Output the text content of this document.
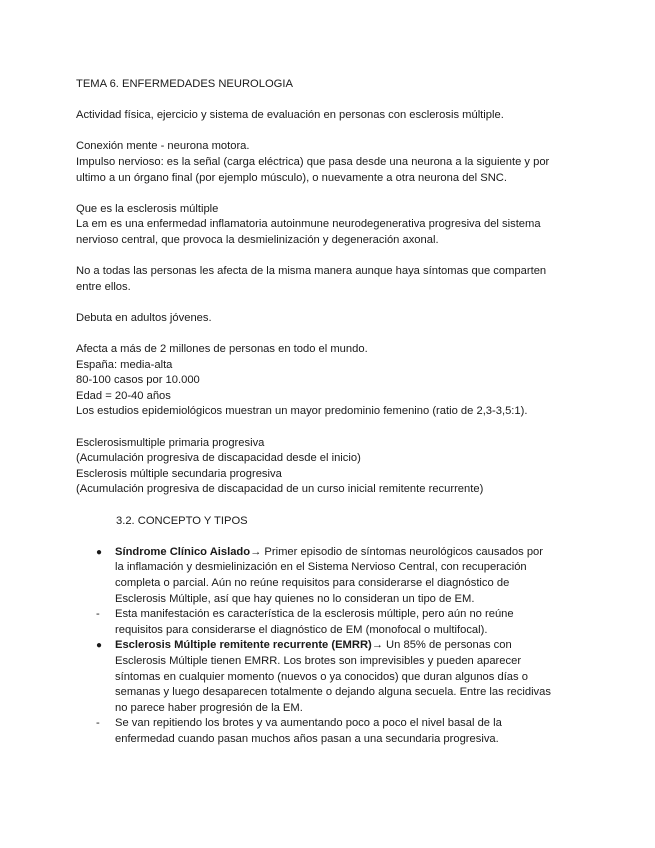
TEMA 6. ENFERMEDADES NEUROLOGIA
Actividad física, ejercicio y sistema de evaluación en personas con esclerosis múltiple.
Conexión mente - neurona motora.
Impulso nervioso: es la señal (carga eléctrica) que pasa desde una neurona a la siguiente y por
ultimo a un órgano final (por ejemplo músculo), o nuevamente a otra neurona del SNC.
Que es la esclerosis múltiple
La em es una enfermedad inflamatoria autoinmune neurodegenerativa progresiva del sistema
nervioso central, que provoca la desmielinización y degeneración axonal.
No a todas las personas les afecta de la misma manera aunque haya síntomas que comparten
entre ellos.
Debuta en adultos jóvenes.
Afecta a más de 2 millones de personas en todo el mundo.
España: media-alta
80-100 casos por 10.000
Edad = 20-40 años
Los estudios epidemiológicos muestran un mayor predominio femenino (ratio de 2,3-3,5:1).
Esclerosismultiple primaria progresiva
(Acumulación progresiva de discapacidad desde el inicio)
Esclerosis múltiple secundaria progresiva
(Acumulación progresiva de discapacidad de un curso inicial remitente recurrente)
3.2. CONCEPTO Y TIPOS
●	Síndrome Clínico Aislado→ Primer episodio de síntomas neurológicos causados por
la inflamación y desmielinización en el Sistema Nervioso Central, con recuperación
completa o parcial. Aún no reúne requisitos para considerarse el diagnóstico de
Esclerosis Múltiple, así que hay quienes no lo consideran un tipo de EM.
-	Esta manifestación es característica de la esclerosis múltiple, pero aún no reúne
requisitos para considerarse el diagnóstico de EM (monofocal o multifocal).
●	Esclerosis Múltiple remitente recurrente (EMRR)→ Un 85% de personas con
Esclerosis Múltiple tienen EMRR. Los brotes son imprevisibles y pueden aparecer
síntomas en cualquier momento (nuevos o ya conocidos) que duran algunos días o
semanas y luego desaparecen totalmente o dejando alguna secuela. Entre las recidivas
no parece haber progresión de la EM.
-	Se van repitiendo los brotes y va aumentando poco a poco el nivel basal de la
enfermedad cuando pasan muchos años pasan a una secundaria progresiva.
